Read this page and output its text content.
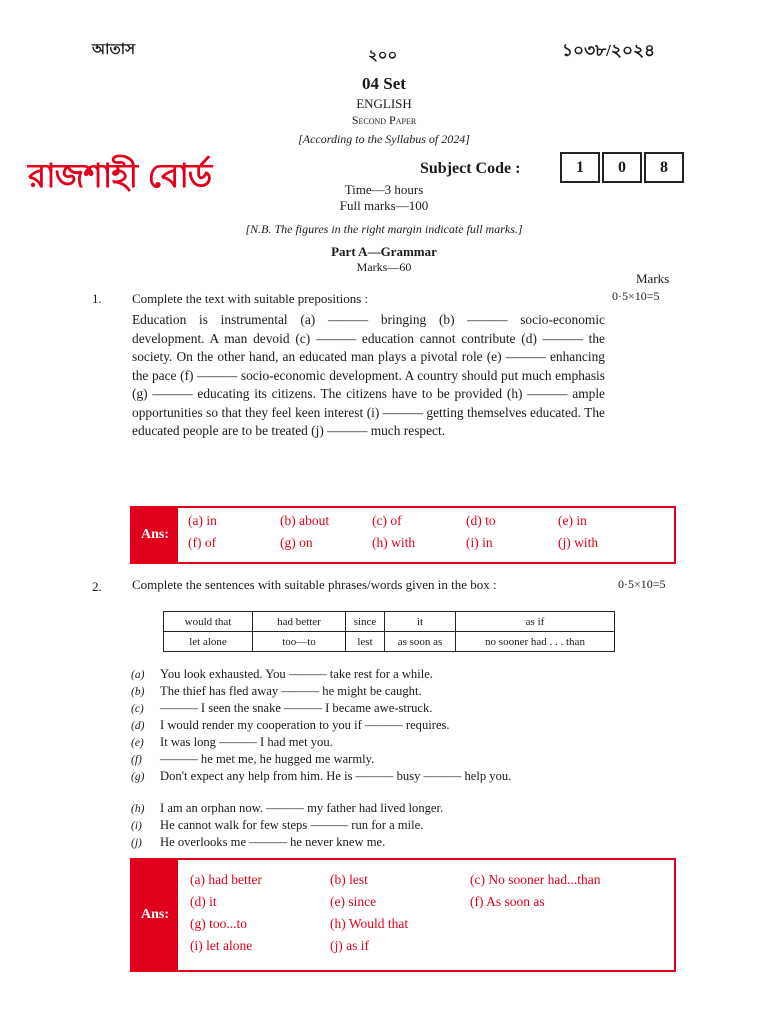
আতাস	২০০	১০৩৮/২০২৪
04 Set
ENGLISH
Second Paper
[According to the Syllabus of 2024]
রাজশাহী বোর্ড	Subject Code :	1	0	8
Time—3 hours
Full marks—100
[N.B. The figures in the right margin indicate full marks.]
Part A—Grammar
Marks—60
Marks
1. Complete the text with suitable prepositions :	0·5×10=5
Education is instrumental (a) ——— bringing (b) ——— socio-economic development. A man devoid (c) ——— education cannot contribute (d) ——— the society. On the other hand, an educated man plays a pivotal role (e) ——— enhancing the pace (f) ——— socio-economic development. A country should put much emphasis (g) ——— educating its citizens. The citizens have to be provided (h) ——— ample opportunities so that they feel keen interest (i) ——— getting themselves educated. The educated people are to be treated (j) ——— much respect.
Ans:
(a) in	(b) about	(c) of	(d) to	(e) in
(f) of	(g) on	(h) with	(i) in	(j) with
2. Complete the sentences with suitable phrases/words given in the box :	0·5×10=5
would that	had better	since	it	as if
let alone	too—to	lest	as soon as	no sooner had . . . than
(a) You look exhausted. You ——— take rest for a while.
(b) The thief has fled away ——— he might be caught.
(c) ——— I seen the snake ——— I became awe-struck.
(d) I would render my cooperation to you if ——— requires.
(e) It was long ——— I had met you.
(f) ——— he met me, he hugged me warmly.
(g) Don't expect any help from him. He is ——— busy ——— help you.
(h) I am an orphan now. ——— my father had lived longer.
(i) He cannot walk for few steps ——— run for a mile.
(j) He overlooks me ——— he never knew me.
Ans:
(a) had better	(b) lest	(c) No sooner had...than
(d) it	(e) since	(f) As soon as
(g) too...to	(h) Would that
(i) let alone	(j) as if
